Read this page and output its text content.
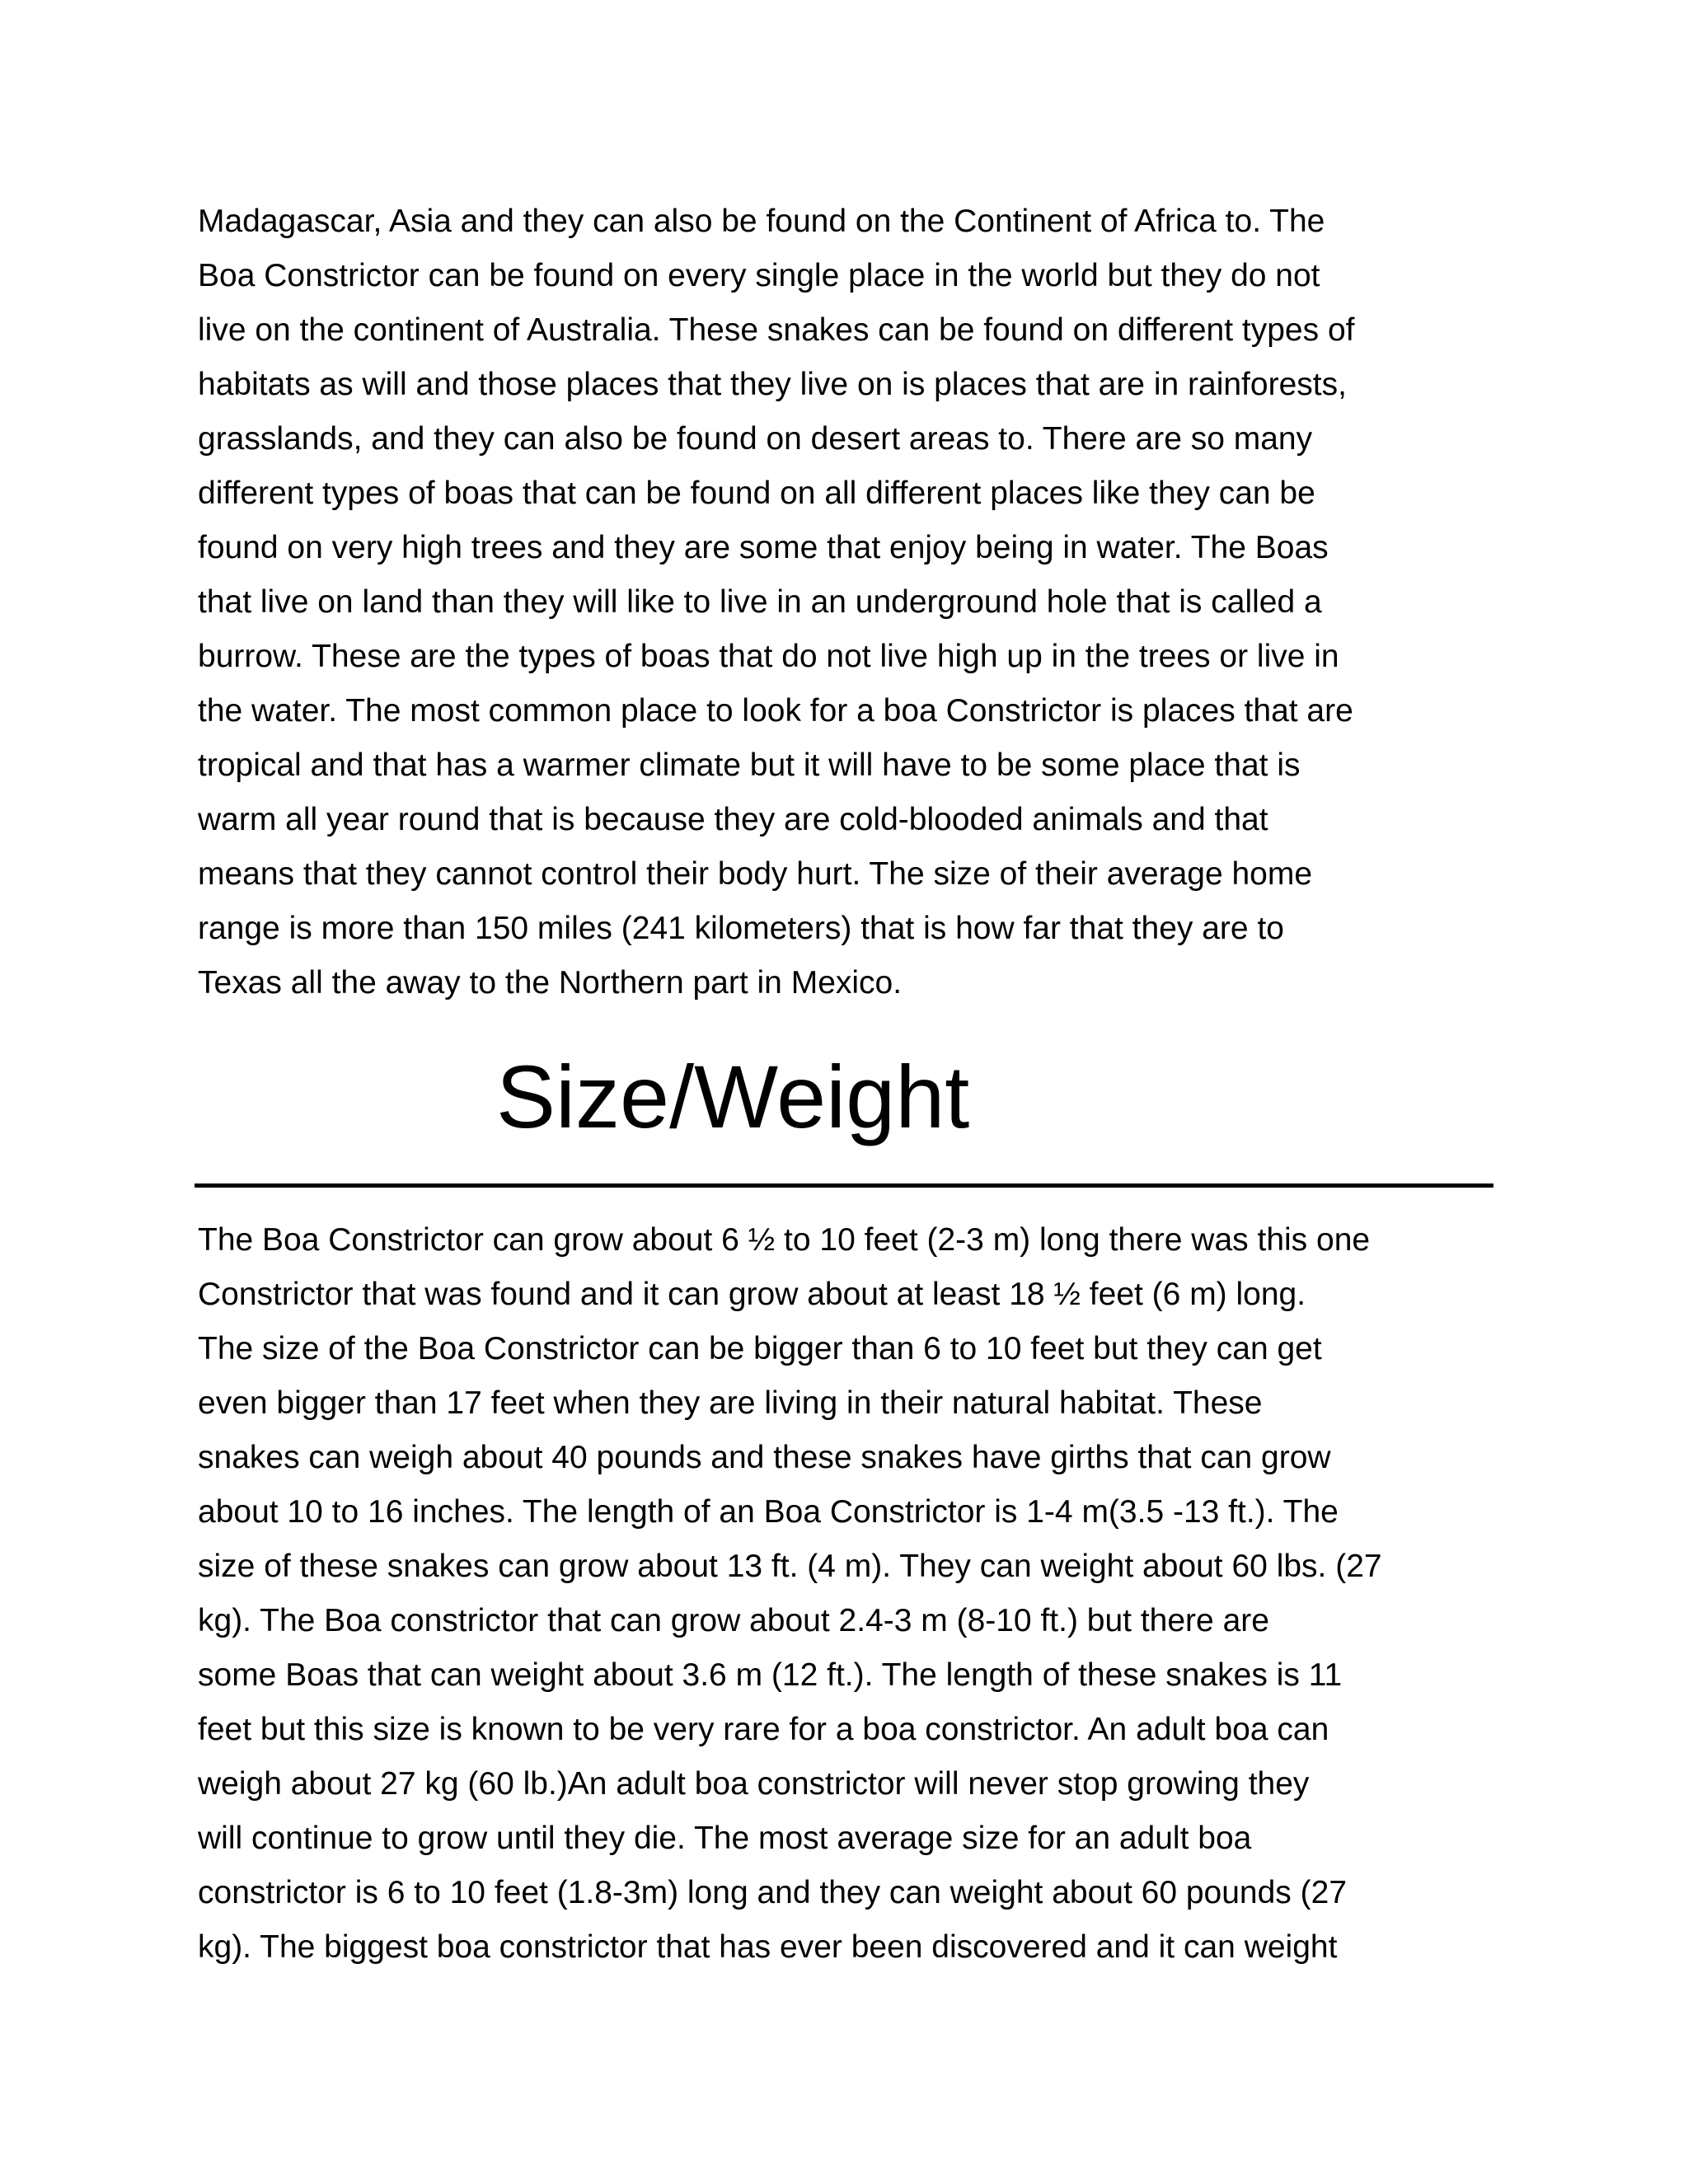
Madagascar, Asia and they can also be found on the Continent of Africa to. The
Boa Constrictor can be found on every single place in the world but they do not
live on the continent of Australia. These snakes can be found on different types of
habitats as will and those places that they live on is places that are in rainforests,
grasslands, and they can also be found on desert areas to. There are so many
different types of boas that can be found on all different places like they can be
found on very high trees and they are some that enjoy being in water. The Boas
that live on land than they will like to live in an underground hole that is called a
burrow. These are the types of boas that do not live high up in the trees or live in
the water. The most common place to look for a boa Constrictor is places that are
tropical and that has a warmer climate but it will have to be some place that is
warm all year round that is because they are cold-blooded animals and that
means that they cannot control their body hurt. The size of their average home
range is more than 150 miles (241 kilometers) that is how far that they are to
Texas all the away to the Northern part in Mexico.

Size/Weight

The Boa Constrictor can grow about 6 ½ to 10 feet (2-3 m) long there was this one
Constrictor that was found and it can grow about at least 18 ½ feet (6 m) long.
The size of the Boa Constrictor can be bigger than 6 to 10 feet but they can get
even bigger than 17 feet when they are living in their natural habitat. These
snakes can weigh about 40 pounds and these snakes have girths that can grow
about 10 to 16 inches. The length of an Boa Constrictor is 1-4 m(3.5 -13 ft.). The
size of these snakes can grow about 13 ft. (4 m). They can weight about 60 lbs. (27
kg). The Boa constrictor that can grow about 2.4-3 m (8-10 ft.) but there are
some Boas that can weight about 3.6 m (12 ft.). The length of these snakes is 11
feet but this size is known to be very rare for a boa constrictor. An adult boa can
weigh about 27 kg (60 lb.)An adult boa constrictor will never stop growing they
will continue to grow until they die. The most average size for an adult boa
constrictor is 6 to 10 feet (1.8-3m) long and they can weight about 60 pounds (27
kg). The biggest boa constrictor that has ever been discovered and it can weight
